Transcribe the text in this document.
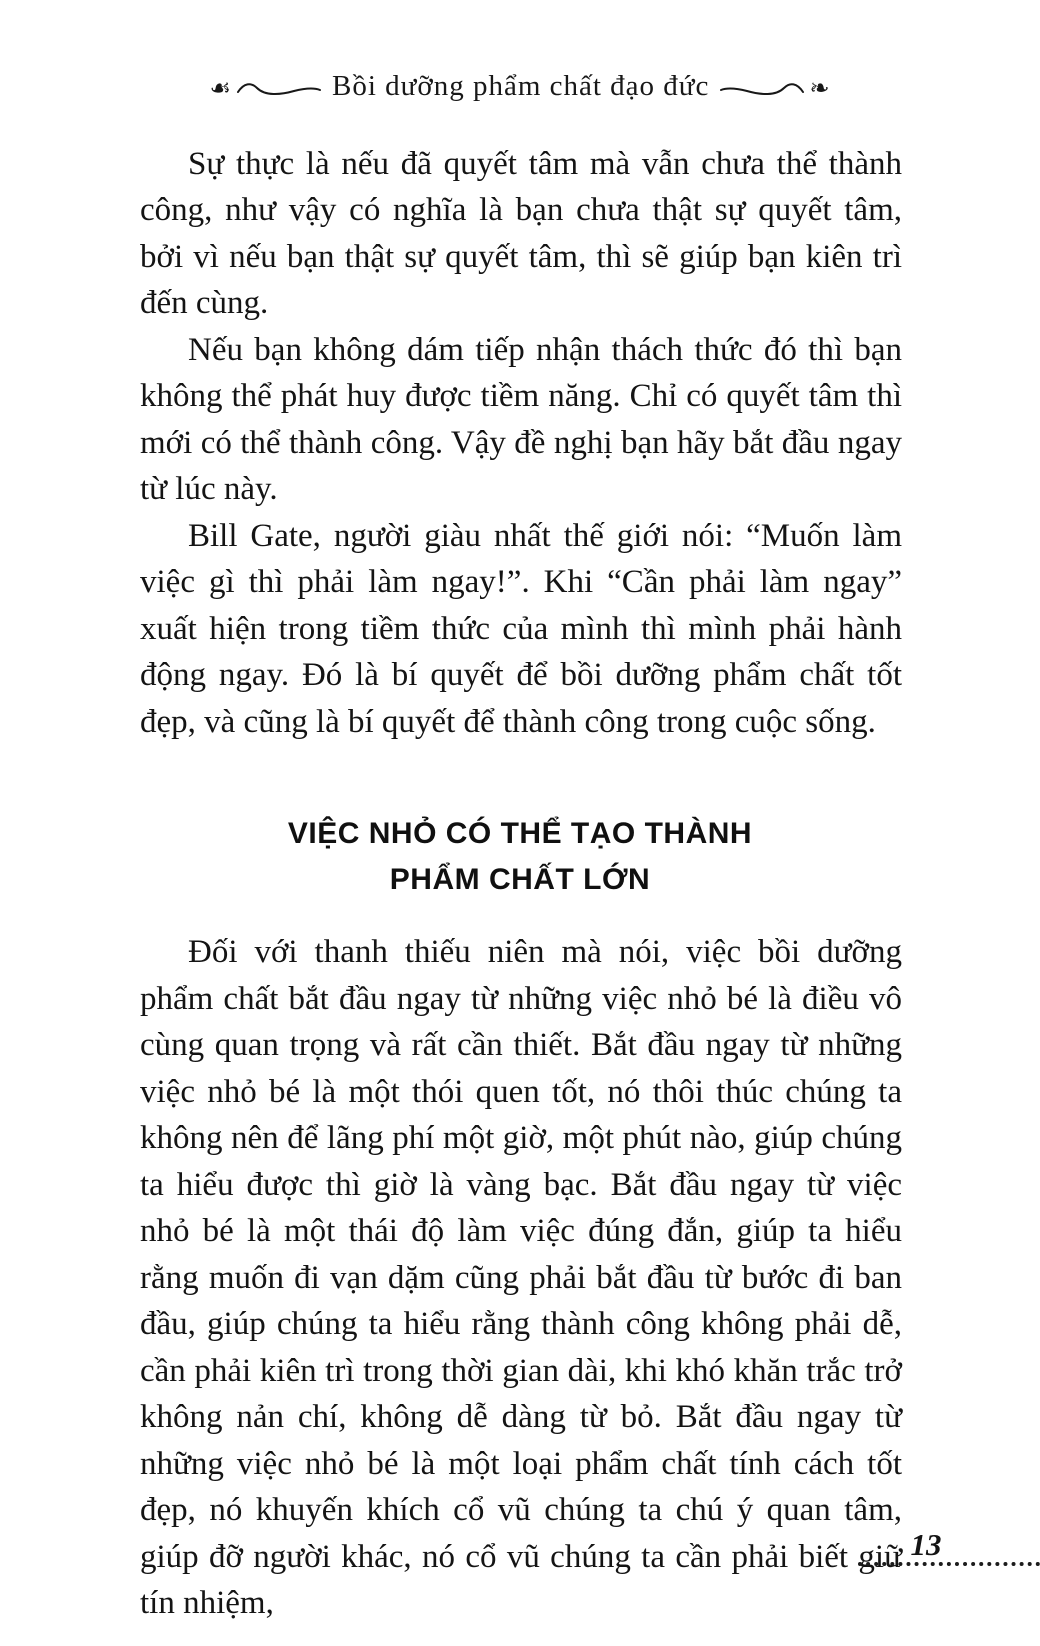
☙	Bồi dưỡng phẩm chất đạo đức	❧

Sự thực là nếu đã quyết tâm mà vẫn chưa thể thành công, như vậy có nghĩa là bạn chưa thật sự quyết tâm, bởi vì nếu bạn thật sự quyết tâm, thì sẽ giúp bạn kiên trì đến cùng.

Nếu bạn không dám tiếp nhận thách thức đó thì bạn không thể phát huy được tiềm năng. Chỉ có quyết tâm thì mới có thể thành công. Vậy đề nghị bạn hãy bắt đầu ngay từ lúc này.

Bill Gate, người giàu nhất thế giới nói: “Muốn làm việc gì thì phải làm ngay!”. Khi “Cần phải làm ngay” xuất hiện trong tiềm thức của mình thì mình phải hành động ngay. Đó là bí quyết để bồi dưỡng phẩm chất tốt đẹp, và cũng là bí quyết để thành công trong cuộc sống.

VIỆC NHỎ CÓ THỂ TẠO THÀNH
PHẨM CHẤT LỚN

Đối với thanh thiếu niên mà nói, việc bồi dưỡng phẩm chất bắt đầu ngay từ những việc nhỏ bé là điều vô cùng quan trọng và rất cần thiết. Bắt đầu ngay từ những việc nhỏ bé là một thói quen tốt, nó thôi thúc chúng ta không nên để lãng phí một giờ, một phút nào, giúp chúng ta hiểu được thì giờ là vàng bạc. Bắt đầu ngay từ việc nhỏ bé là một thái độ làm việc đúng đắn, giúp ta hiểu rằng muốn đi vạn dặm cũng phải bắt đầu từ bước đi ban đầu, giúp chúng ta hiểu rằng thành công không phải dễ, cần phải kiên trì trong thời gian dài, khi khó khăn trắc trở không nản chí, không dễ dàng từ bỏ. Bắt đầu ngay từ những việc nhỏ bé là một loại phẩm chất tính cách tốt đẹp, nó khuyến khích cổ vũ chúng ta chú ý quan tâm, giúp đỡ người khác, nó cổ vũ chúng ta cần phải biết giữ tín nhiệm,

13
